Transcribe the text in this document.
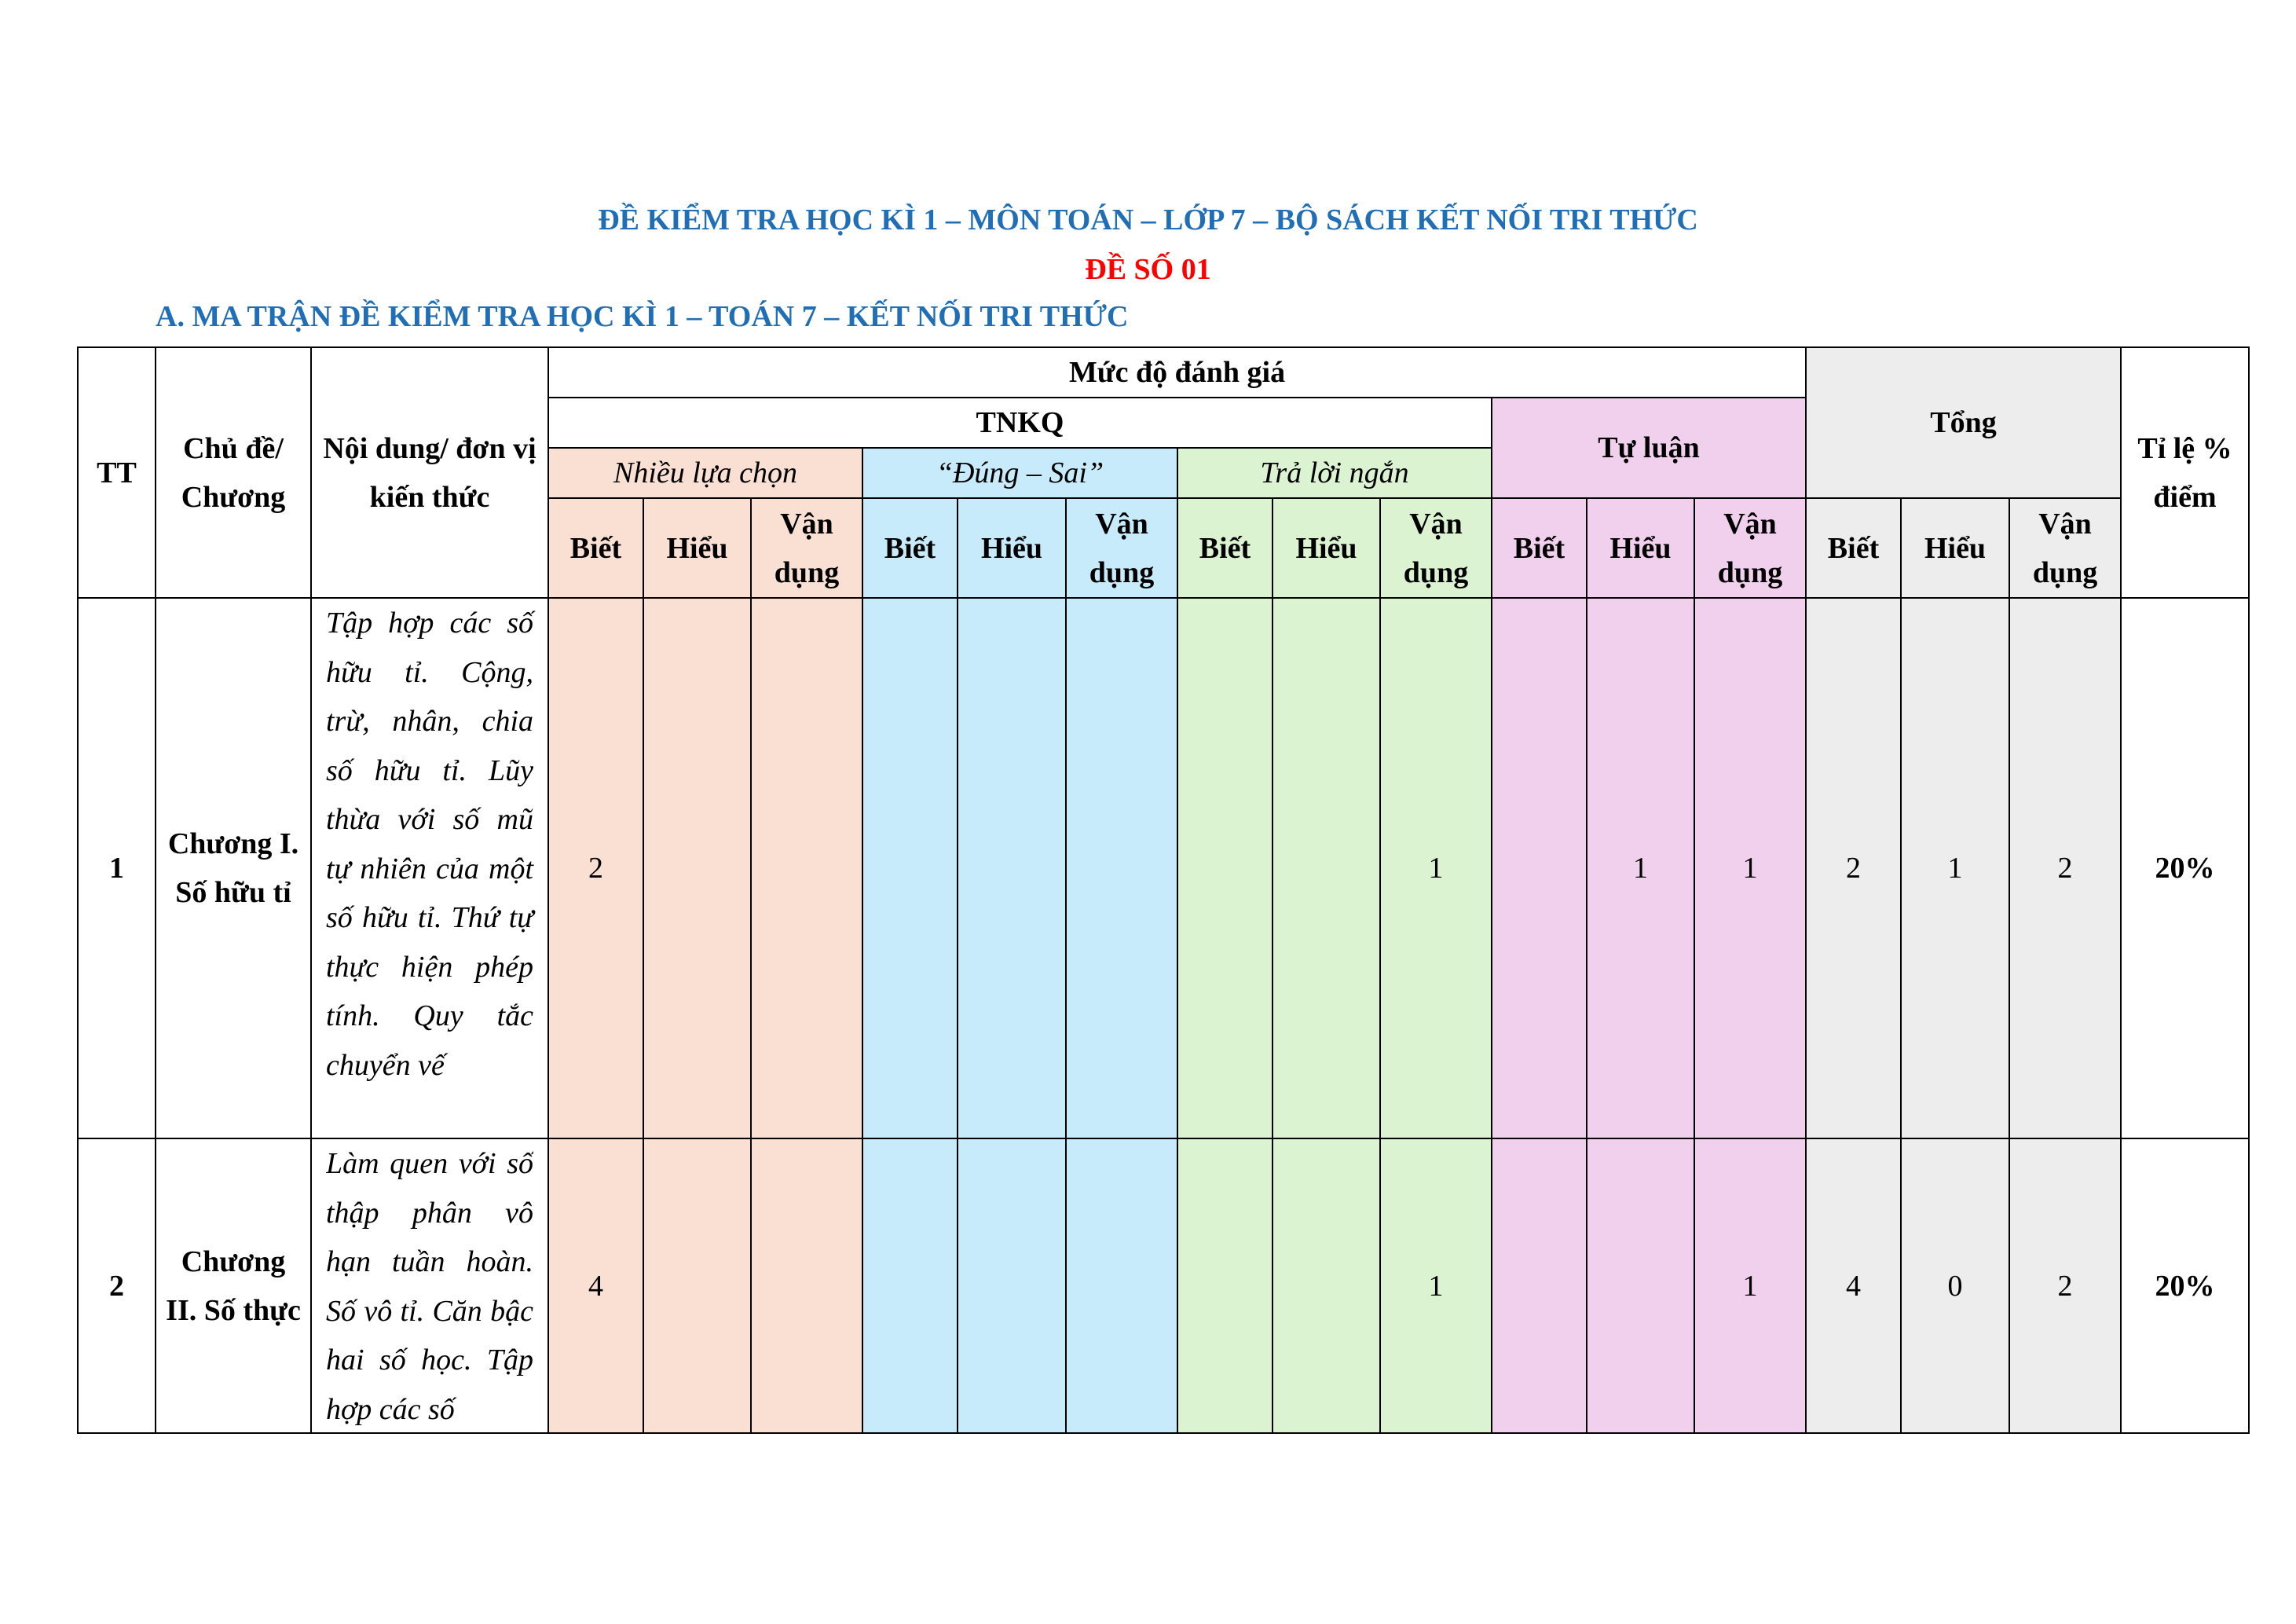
ĐỀ KIỂM TRA HỌC KÌ 1 – MÔN TOÁN – LỚP 7 – BỘ SÁCH KẾT NỐI TRI THỨC
ĐỀ SỐ 01
A. MA TRẬN ĐỀ KIỂM TRA HỌC KÌ 1 – TOÁN 7 – KẾT NỐI TRI THỨC
TT	Chủ đề/ Chương	Nội dung/ đơn vị kiến thức	Mức độ đánh giá												Tổng			Tỉ lệ % điểm
			TNKQ									Tự luận						
			Nhiều lựa chọn			“Đúng – Sai”			Trả lời ngắn									
			Biết	Hiểu	Vận dụng	Biết	Hiểu	Vận dụng	Biết	Hiểu	Vận dụng	Biết	Hiểu	Vận dụng	Biết	Hiểu	Vận dụng	
1	Chương I. Số hữu tỉ	Tập hợp các số hữu tỉ. Cộng, trừ, nhân, chia số hữu tỉ. Lũy thừa với số mũ tự nhiên của một số hữu tỉ. Thứ tự thực hiện phép tính. Quy tắc chuyển vế	2								1		1	1	2	1	2	20%
2	Chương II. Số thực	Làm quen với số thập phân vô hạn tuần hoàn. Số vô tỉ. Căn bậc hai số học. Tập hợp các số	4								1			1	4	0	2	20%
